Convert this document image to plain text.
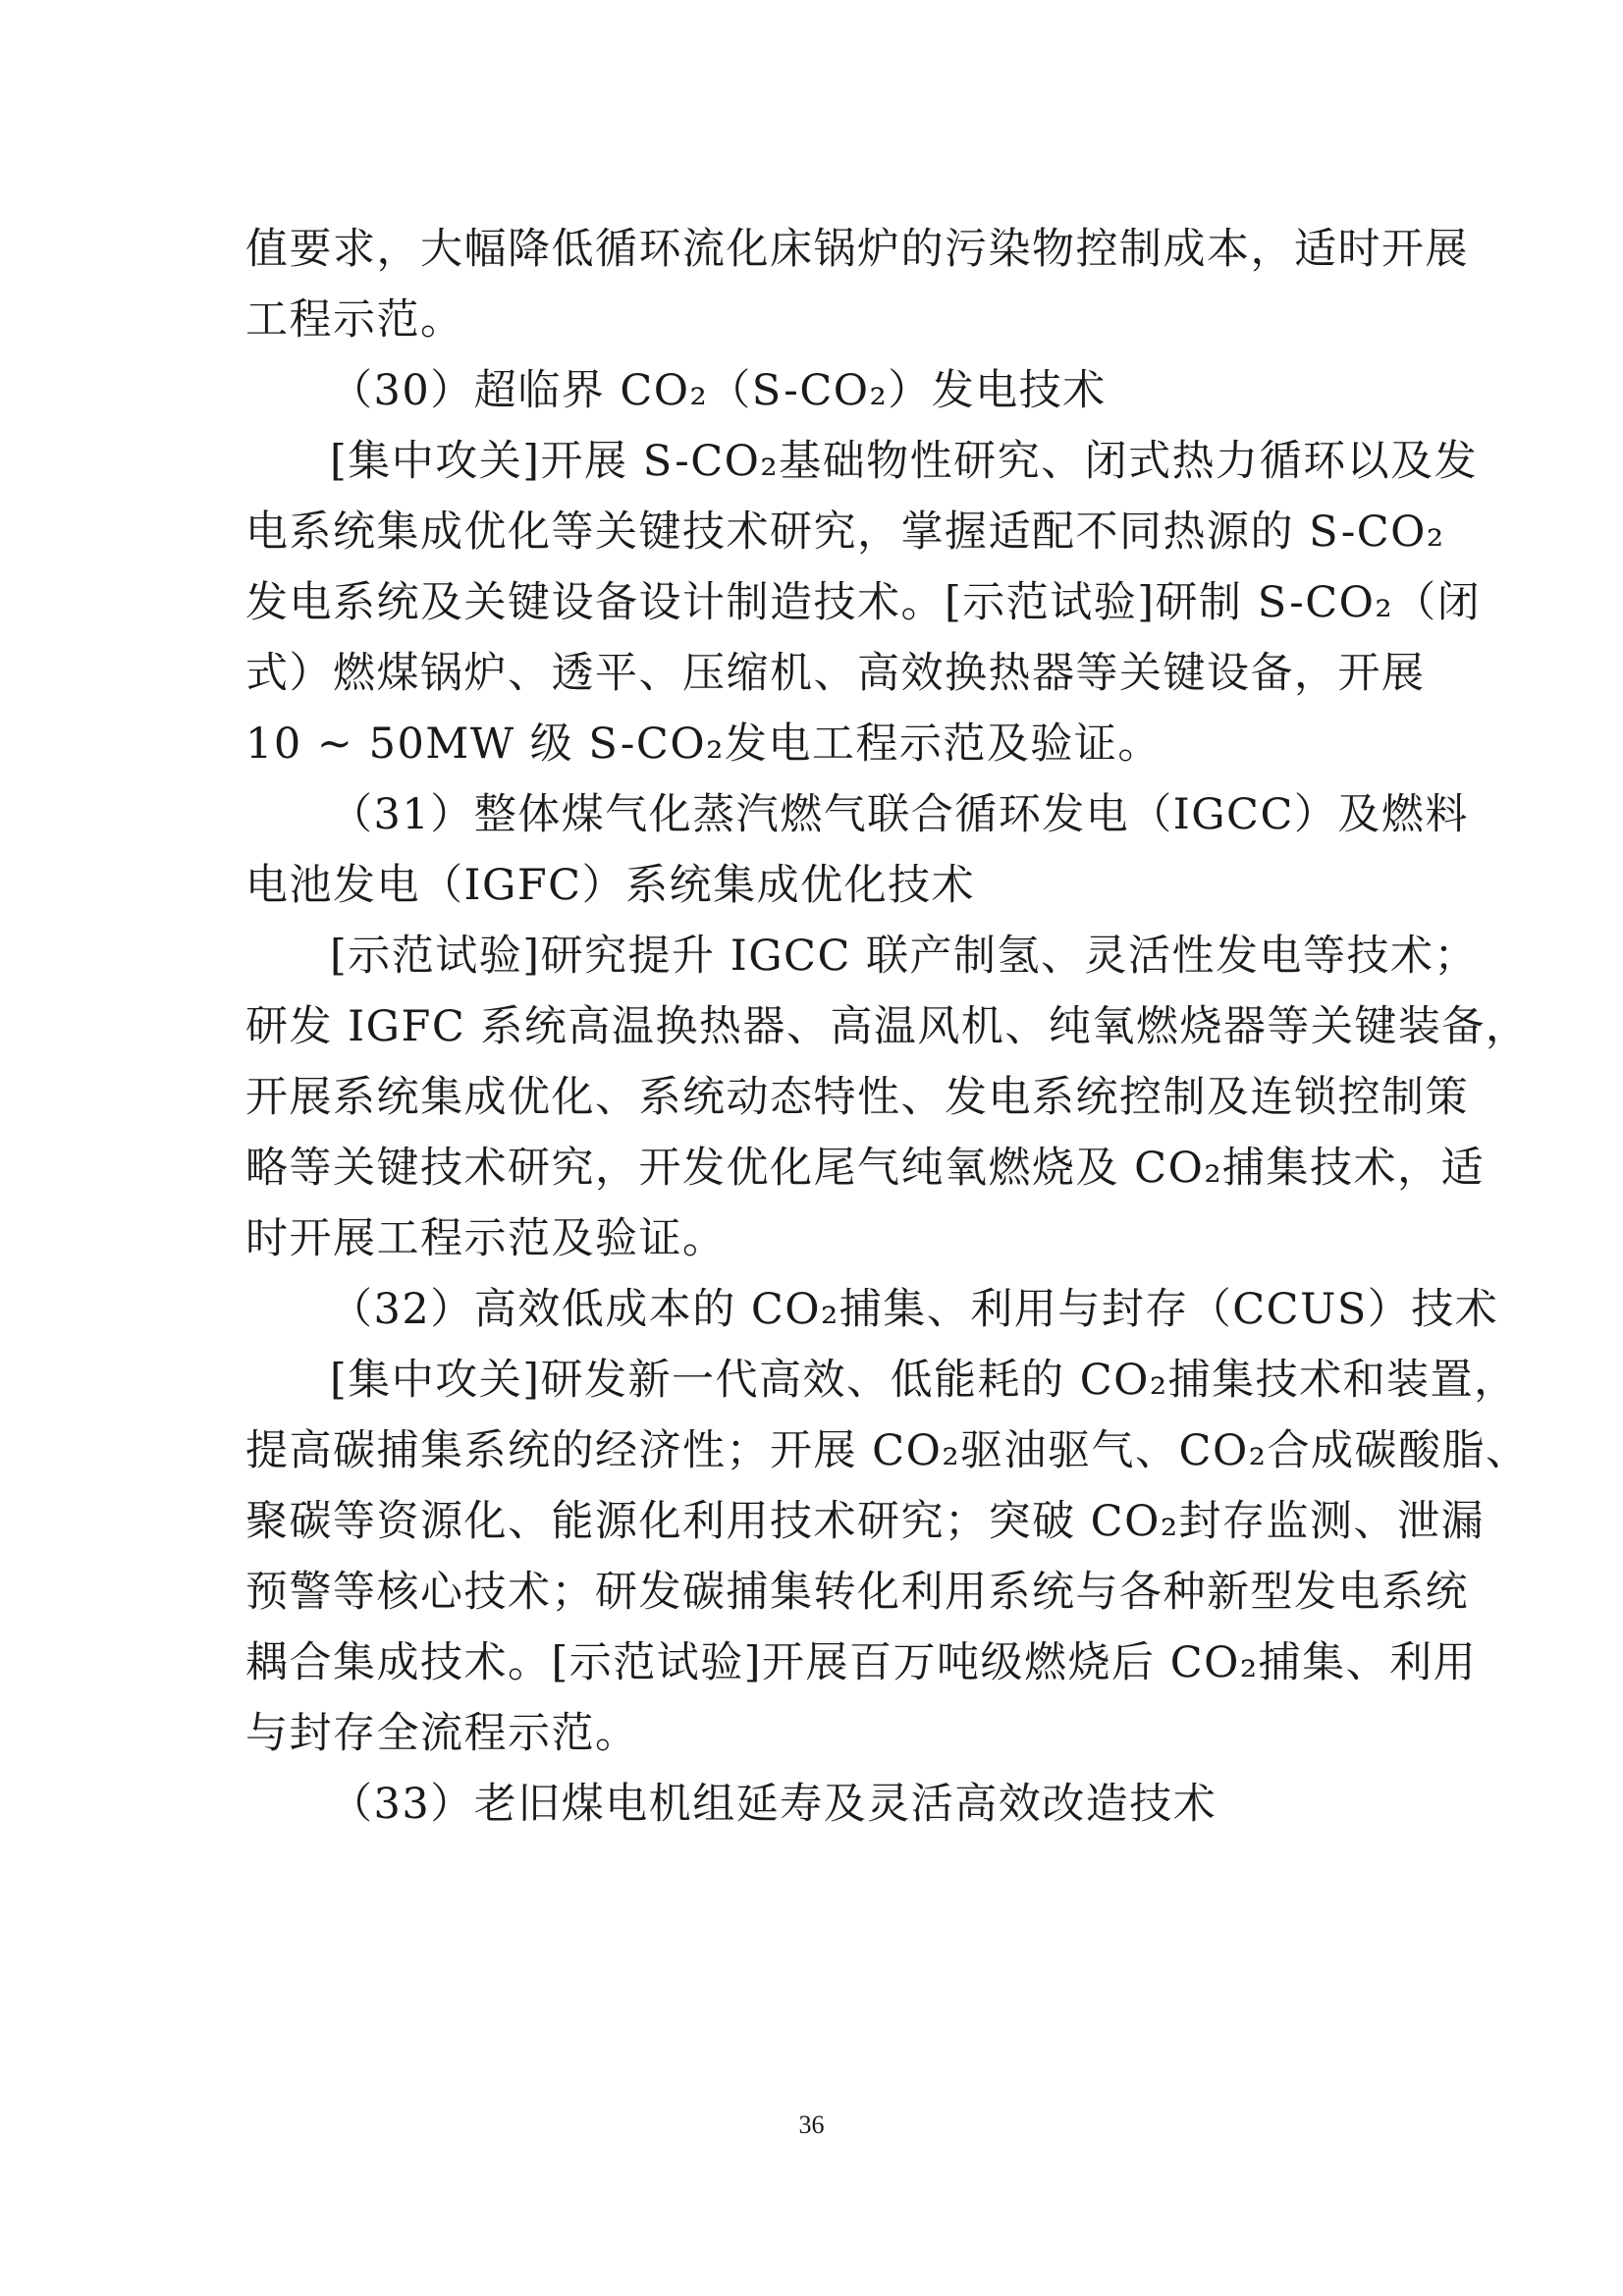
值要求，大幅降低循环流化床锅炉的污染物控制成本，适时开展
工程示范。
（30）超临界 CO₂（S-CO₂）发电技术
[集中攻关]开展 S-CO₂基础物性研究、闭式热力循环以及发
电系统集成优化等关键技术研究，掌握适配不同热源的 S-CO₂
发电系统及关键设备设计制造技术。[示范试验]研制 S-CO₂（闭
式）燃煤锅炉、透平、压缩机、高效换热器等关键设备，开展
10 ~ 50MW 级 S-CO₂发电工程示范及验证。
（31）整体煤气化蒸汽燃气联合循环发电（IGCC）及燃料
电池发电（IGFC）系统集成优化技术
[示范试验]研究提升 IGCC 联产制氢、灵活性发电等技术；
研发 IGFC 系统高温换热器、高温风机、纯氧燃烧器等关键装备，
开展系统集成优化、系统动态特性、发电系统控制及连锁控制策
略等关键技术研究，开发优化尾气纯氧燃烧及 CO₂捕集技术，适
时开展工程示范及验证。
（32）高效低成本的 CO₂捕集、利用与封存（CCUS）技术
[集中攻关]研发新一代高效、低能耗的 CO₂捕集技术和装置，
提高碳捕集系统的经济性；开展 CO₂驱油驱气、CO₂合成碳酸脂、
聚碳等资源化、能源化利用技术研究；突破 CO₂封存监测、泄漏
预警等核心技术；研发碳捕集转化利用系统与各种新型发电系统
耦合集成技术。[示范试验]开展百万吨级燃烧后 CO₂捕集、利用
与封存全流程示范。
（33）老旧煤电机组延寿及灵活高效改造技术
36
